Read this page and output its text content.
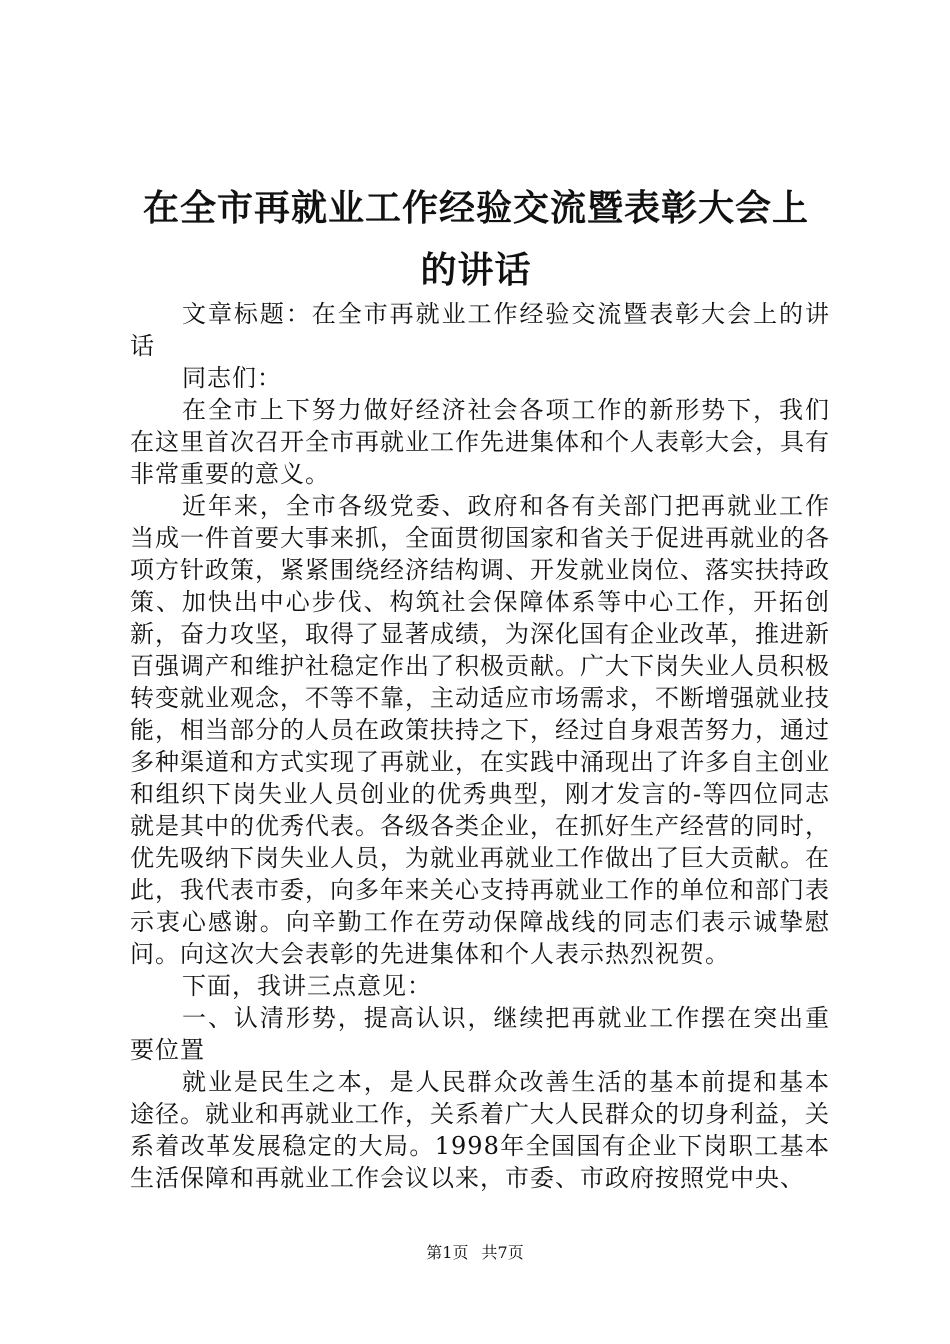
在全市再就业工作经验交流暨表彰大会上的讲话

文章标题：在全市再就业工作经验交流暨表彰大会上的讲话

同志们：

在全市上下努力做好经济社会各项工作的新形势下，我们在这里首次召开全市再就业工作先进集体和个人表彰大会，具有非常重要的意义。

近年来，全市各级党委、政府和各有关部门把再就业工作当成一件首要大事来抓，全面贯彻国家和省关于促进再就业的各项方针政策，紧紧围绕经济结构调、开发就业岗位、落实扶持政策、加快出中心步伐、构筑社会保障体系等中心工作，开拓创新，奋力攻坚，取得了显著成绩，为深化国有企业改革，推进新百强调产和维护社稳定作出了积极贡献。广大下岗失业人员积极转变就业观念，不等不靠，主动适应市场需求，不断增强就业技能，相当部分的人员在政策扶持之下，经过自身艰苦努力，通过多种渠道和方式实现了再就业，在实践中涌现出了许多自主创业和组织下岗失业人员创业的优秀典型，刚才发言的-等四位同志就是其中的优秀代表。各级各类企业，在抓好生产经营的同时，优先吸纳下岗失业人员，为就业再就业工作做出了巨大贡献。在此，我代表市委，向多年来关心支持再就业工作的单位和部门表示衷心感谢。向辛勤工作在劳动保障战线的同志们表示诚挚慰问。向这次大会表彰的先进集体和个人表示热烈祝贺。

下面，我讲三点意见：

一、认清形势，提高认识，继续把再就业工作摆在突出重要位置

就业是民生之本，是人民群众改善生活的基本前提和基本途径。就业和再就业工作，关系着广大人民群众的切身利益，关系着改革发展稳定的大局。1998年全国国有企业下岗职工基本生活保障和再就业工作会议以来，市委、市政府按照党中央、

第1页 共7页
